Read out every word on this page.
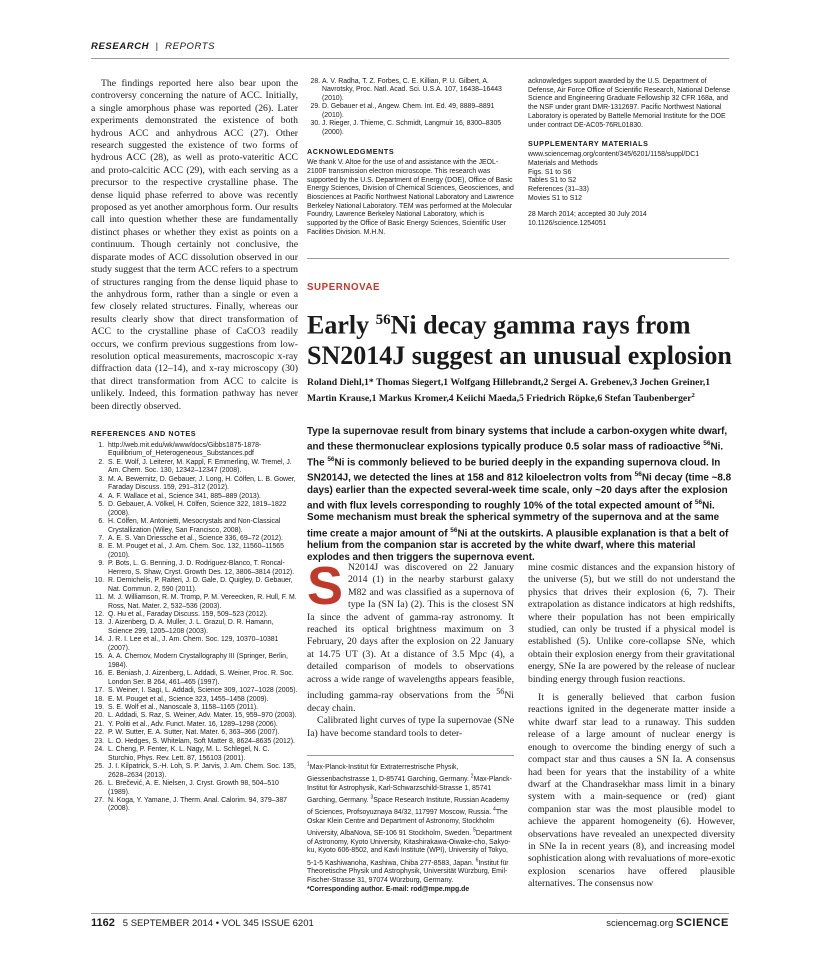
RESEARCH | REPORTS

The findings reported here also bear upon the controversy concerning the nature of ACC. Initially, a single amorphous phase was reported (26). Later experiments demonstrated the existence of both hydrous ACC and anhydrous ACC (27). Other research suggested the existence of two forms of hydrous ACC (28), as well as proto-vateritic ACC and proto-calcitic ACC (29), with each serving as a precursor to the respective crystalline phase. The dense liquid phase referred to above was recently proposed as yet another amorphous form. Our results call into question whether these are fundamentally distinct phases or whether they exist as points on a continuum. Though certainly not conclusive, the disparate modes of ACC dissolution observed in our study suggest that the term ACC refers to a spectrum of structures ranging from the dense liquid phase to the anhydrous form, rather than a single or even a few closely related structures. Finally, whereas our results clearly show that direct transformation of ACC to the crystalline phase of CaCO3 readily occurs, we confirm previous suggestions from low-resolution optical measurements, macroscopic x-ray diffraction data (12–14), and x-ray microscopy (30) that direct transformation from ACC to calcite is unlikely. Indeed, this formation pathway has never been directly observed.

REFERENCES AND NOTES
1. http://web.mit.edu/wk/www/docs/Gibbs1875-1878-Equilibrium_of_Heterogeneous_Substances.pdf
2. S. E. Wolf, J. Leiterer, M. Kappl, F. Emmerling, W. Tremel, J. Am. Chem. Soc. 130, 12342–12347 (2008).
3. M. A. Bewernitz, D. Gebauer, J. Long, H. Cölfen, L. B. Gower, Faraday Discuss. 159, 291–312 (2012).
4. A. F. Wallace et al., Science 341, 885–889 (2013).
5. D. Gebauer, A. Völkel, H. Cölfen, Science 322, 1819–1822 (2008).
6. H. Cölfen, M. Antonietti, Mesocrystals and Non-Classical Crystallization (Wiley, San Francisco, 2008).
7. A. E. S. Van Driessche et al., Science 336, 69–72 (2012).
8. E. M. Pouget et al., J. Am. Chem. Soc. 132, 11560–11565 (2010).
9. P. Bots, L. G. Benning, J. D. Rodriguez-Blanco, T. Roncal-Herrero, S. Shaw, Cryst. Growth Des. 12, 3806–3814 (2012).
10. R. Demichelis, P. Raiteri, J. D. Gale, D. Quigley, D. Gebauer, Nat. Commun. 2, 590 (2011).
11. M. J. Williamson, R. M. Tromp, P. M. Vereecken, R. Hull, F. M. Ross, Nat. Mater. 2, 532–536 (2003).
12. Q. Hu et al., Faraday Discuss. 159, 509–523 (2012).
13. J. Aizenberg, D. A. Muller, J. L. Grazul, D. R. Hamann, Science 299, 1205–1208 (2003).
14. J. R. I. Lee et al., J. Am. Chem. Soc. 129, 10370–10381 (2007).
15. A. A. Chernov, Modern Crystallography III (Springer, Berlin, 1984).
16. E. Beniash, J. Aizenberg, L. Addadi, S. Weiner, Proc. R. Soc. London Ser. B 264, 461–465 (1997).
17. S. Weiner, I. Sagi, L. Addadi, Science 309, 1027–1028 (2005).
18. E. M. Pouget et al., Science 323, 1455–1458 (2009).
19. S. E. Wolf et al., Nanoscale 3, 1158–1165 (2011).
20. L. Addadi, S. Raz, S. Weiner, Adv. Mater. 15, 959–970 (2003).
21. Y. Politi et al., Adv. Funct. Mater. 16, 1289–1298 (2006).
22. P. W. Sutter, E. A. Sutter, Nat. Mater. 6, 363–366 (2007).
23. L. O. Hedges, S. Whitelam, Soft Matter 8, 8624–8635 (2012).
24. L. Cheng, P. Fenter, K. L. Nagy, M. L. Schlegel, N. C. Sturchio, Phys. Rev. Lett. 87, 156103 (2001).
25. J. I. Kilpatrick, S.-H. Loh, S. P. Jarvis, J. Am. Chem. Soc. 135, 2628–2634 (2013).
26. L. Brečević, A. E. Nielsen, J. Cryst. Growth 98, 504–510 (1989).
27. N. Koga, Y. Yamane, J. Therm. Anal. Calorim. 94, 379–387 (2008).
28. A. V. Radha, T. Z. Forbes, C. E. Killian, P. U. Gilbert, A. Navrotsky, Proc. Natl. Acad. Sci. U.S.A. 107, 16438–16443 (2010).
29. D. Gebauer et al., Angew. Chem. Int. Ed. 49, 8889–8891 (2010).
30. J. Rieger, J. Thieme, C. Schmidt, Langmuir 16, 8300–8305 (2000).
ACKNOWLEDGMENTS
We thank V. Altoe for the use of and assistance with the JEOL-2100F transmission electron microscope. This research was supported by the U.S. Department of Energy (DOE), Office of Basic Energy Sciences, Division of Chemical Sciences, Geosciences, and Biosciences at Pacific Northwest National Laboratory and Lawrence Berkeley National Laboratory. TEM was performed at the Molecular Foundry, Lawrence Berkeley National Laboratory, which is supported by the Office of Basic Energy Sciences, Scientific User Facilities Division. M.H.N.
acknowledges support awarded by the U.S. Department of Defense, Air Force Office of Scientific Research, National Defense Science and Engineering Graduate Fellowship 32 CFR 168a, and the NSF under grant DMR-1312697. Pacific Northwest National Laboratory is operated by Battelle Memorial Institute for the DOE under contract DE-AC05-76RL01830.
SUPPLEMENTARY MATERIALS
www.sciencemag.org/content/345/6201/1158/suppl/DC1
Materials and Methods
Figs. S1 to S6
Tables S1 to S2
References (31–33)
Movies S1 to S12
28 March 2014; accepted 30 July 2014
10.1126/science.1254051
SUPERNOVAE
Early $^{56}$Ni decay gamma rays from SN2014J suggest an unusual explosion
Roland Diehl,1* Thomas Siegert,1 Wolfgang Hillebrandt,2 Sergei A. Grebenev,3 Jochen Greiner,1 Martin Krause,1 Markus Kromer,4 Keiichi Maeda,5 Friedrich Röpke,6 Stefan Taubenberger$^2$
Type Ia supernovae result from binary systems that include a carbon-oxygen white dwarf, and these thermonuclear explosions typically produce 0.5 solar mass of radioactive $^{56}$Ni. The $^{56}$Ni is commonly believed to be buried deeply in the expanding supernova cloud. In SN2014J, we detected the lines at 158 and 812 kiloelectron volts from $^{56}$Ni decay (time ~8.8 days) earlier than the expected several-week time scale, only ~20 days after the explosion and with flux levels corresponding to roughly 10% of the total expected amount of $^{56}$Ni. Some mechanism must break the spherical symmetry of the supernova and at the same time create a major amount of $^{56}$Ni at the outskirts. A plausible explanation is that a belt of helium from the companion star is accreted by the white dwarf, where this material explodes and then triggers the supernova event.

S N2014J was discovered on 22 January 2014 (1) in the nearby starburst galaxy M82 and was classified as a supernova of type Ia (SN Ia) (2). This is the closest SN Ia since the advent of gamma-ray astronomy. It reached its optical brightness maximum on 3 February, 20 days after the explosion on 22 January at 14.75 UT (3). At a distance of 3.5 Mpc (4), a detailed comparison of models to observations across a wide range of wavelengths appears feasible, including gamma-ray observations from the $^{56}$Ni decay chain.

Calibrated light curves of type Ia supernovae (SNe Ia) have become standard tools to deter-

$^1$Max-Planck-Institut für Extraterrestrische Physik, Giessenbachstrasse 1, D-85741 Garching, Germany. $^2$Max-Planck-Institut für Astrophysik, Karl-Schwarzschild-Strasse 1, 85741 Garching, Germany. $^3$Space Research Institute, Russian Academy of Sciences, Profsoyuznaya 84/32, 117997 Moscow, Russia. $^4$The Oskar Klein Centre and Department of Astronomy, Stockholm University, AlbaNova, SE-106 91 Stockholm, Sweden. $^5$Department of Astronomy, Kyoto University, Kitashirakawa-Oiwake-cho, Sakyo-ku, Kyoto 606-8502, and Kavli Institute (WPI), University of Tokyo, 5-1-5 Kashiwanoha, Kashiwa, Chiba 277-8583, Japan. $^6$Institut für Theoretische Physik und Astrophysik, Universität Würzburg, Emil-Fischer-Strasse 31, 97074 Würzburg, Germany.
*Corresponding author. E-mail: rod@mpe.mpg.de

mine cosmic distances and the expansion history of the universe (5), but we still do not understand the physics that drives their explosion (6, 7). Their extrapolation as distance indicators at high redshifts, where their population has not been empirically studied, can only be trusted if a physical model is established (5). Unlike core-collapse SNe, which obtain their explosion energy from their gravitational energy, SNe Ia are powered by the release of nuclear binding energy through fusion reactions.

It is generally believed that carbon fusion reactions ignited in the degenerate matter inside a white dwarf star lead to a runaway. This sudden release of a large amount of nuclear energy is enough to overcome the binding energy of such a compact star and thus causes a SN Ia. A consensus had been for years that the instability of a white dwarf at the Chandrasekhar mass limit in a binary system with a main-sequence or (red) giant companion star was the most plausible model to achieve the apparent homogeneity (6). However, observations have revealed an unexpected diversity in SNe Ia in recent years (8), and increasing model sophistication along with revaluations of more-exotic explosion scenarios have offered plausible alternatives. The consensus now

1162 5 SEPTEMBER 2014 • VOL 345 ISSUE 6201	sciencemag.org SCIENCE
